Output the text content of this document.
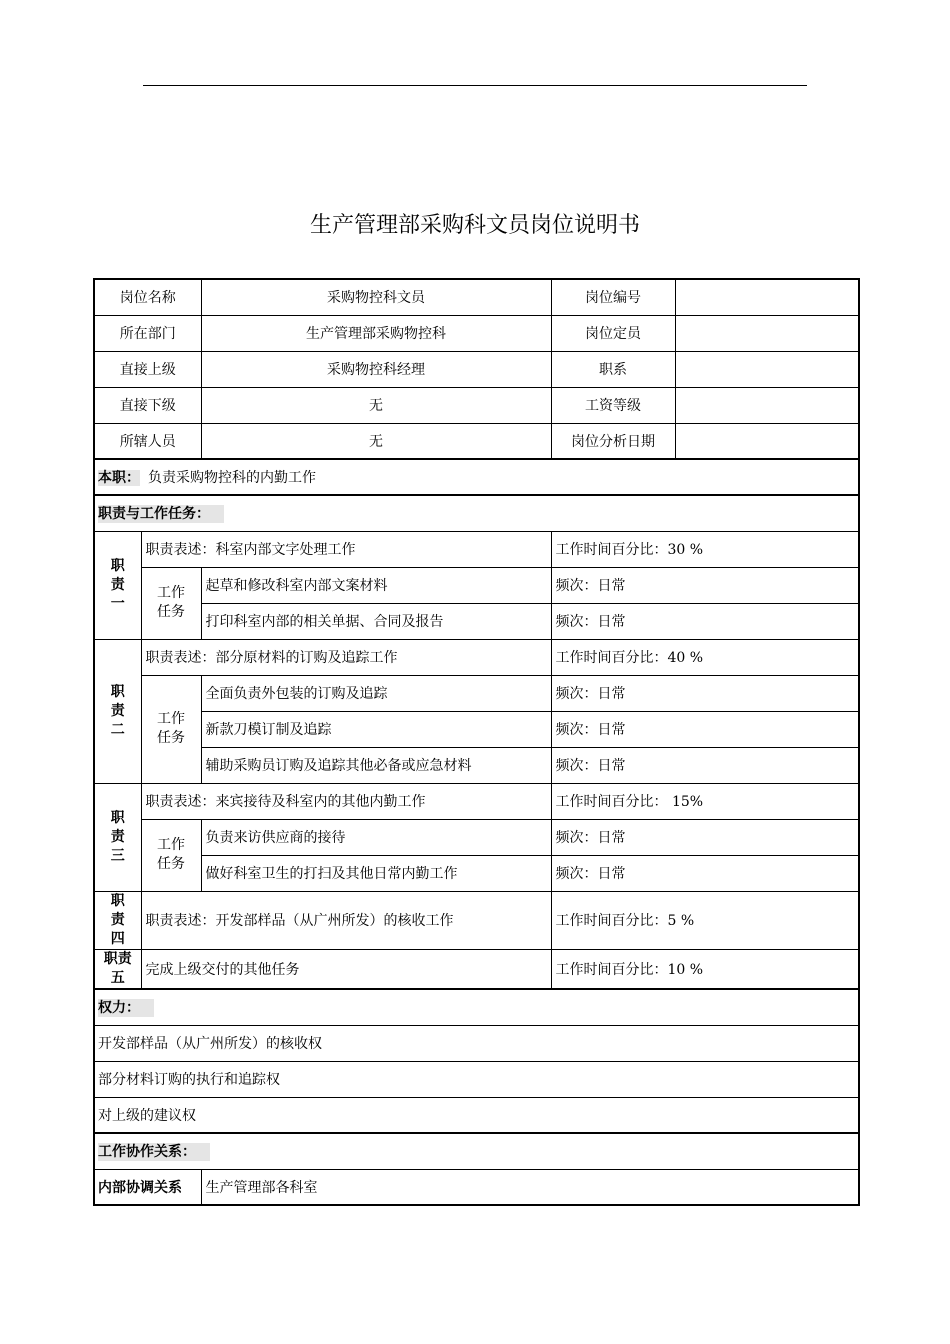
生产管理部采购科文员岗位说明书
岗位名称		采购物控科文员	岗位编号	
所在部门		生产管理部采购物控科	岗位定员	
直接上级		采购物控科经理	职系	
直接下级		无	工资等级	
所辖人员		无	岗位分析日期	
本职： 负责采购物控科的内勤工作				
职责与工作任务：				
职
责
一	职责表述：科室内部文字处理工作		工作时间百分比：30 %	
	工作
任务	起草和修改科室内部文案材料	频次：日常	
		打印科室内部的相关单据、合同及报告	频次：日常	
职
责
二	职责表述：部分原材料的订购及追踪工作		工作时间百分比：40 %	
	工作
任务	全面负责外包装的订购及追踪	频次：日常	
		新款刀模订制及追踪	频次：日常	
		辅助采购员订购及追踪其他必备或应急材料	频次：日常	
职
责
三	职责表述：来宾接待及科室内的其他内勤工作		工作时间百分比： 15%	
	工作
任务	负责来访供应商的接待	频次：日常	
		做好科室卫生的打扫及其他日常内勤工作	频次：日常	
职
责
四	职责表述：开发部样品（从广州所发）的核收工作		工作时间百分比：5 %	
职责
五	完成上级交付的其他任务		工作时间百分比：10 %	
权力：				
开发部样品（从广州所发）的核收权				
部分材料订购的执行和追踪权				
对上级的建议权				
工作协作关系：				
内部协调关系		生产管理部各科室		
